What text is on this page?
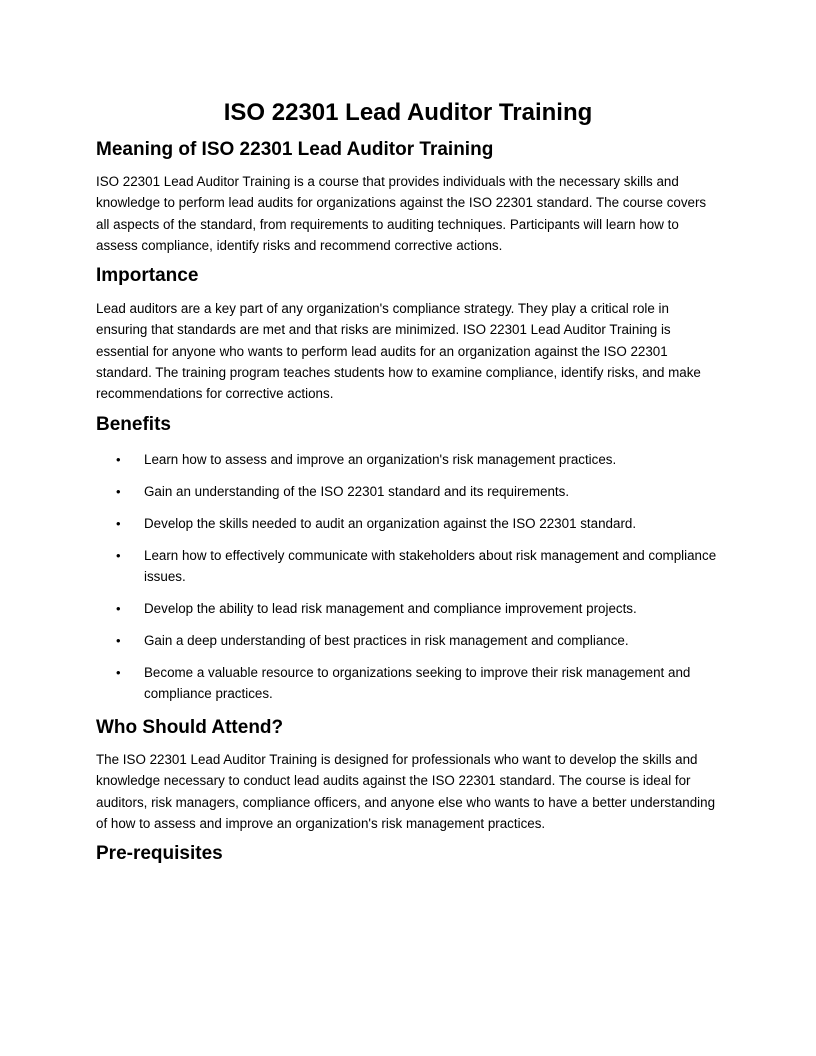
ISO 22301 Lead Auditor Training
Meaning of ISO 22301 Lead Auditor Training

ISO 22301 Lead Auditor Training is a course that provides individuals with the necessary skills and knowledge to perform lead audits for organizations against the ISO 22301 standard. The course covers all aspects of the standard, from requirements to auditing techniques. Participants will learn how to assess compliance, identify risks and recommend corrective actions.

Importance

Lead auditors are a key part of any organization's compliance strategy. They play a critical role in ensuring that standards are met and that risks are minimized. ISO 22301 Lead Auditor Training is essential for anyone who wants to perform lead audits for an organization against the ISO 22301 standard. The training program teaches students how to examine compliance, identify risks, and make recommendations for corrective actions.

Benefits
• Learn how to assess and improve an organization's risk management practices.
• Gain an understanding of the ISO 22301 standard and its requirements.
• Develop the skills needed to audit an organization against the ISO 22301 standard.
• Learn how to effectively communicate with stakeholders about risk management and compliance issues.
• Develop the ability to lead risk management and compliance improvement projects.
• Gain a deep understanding of best practices in risk management and compliance.
• Become a valuable resource to organizations seeking to improve their risk management and compliance practices.
Who Should Attend?

The ISO 22301 Lead Auditor Training is designed for professionals who want to develop the skills and knowledge necessary to conduct lead audits against the ISO 22301 standard. The course is ideal for auditors, risk managers, compliance officers, and anyone else who wants to have a better understanding of how to assess and improve an organization's risk management practices.

Pre-requisites
